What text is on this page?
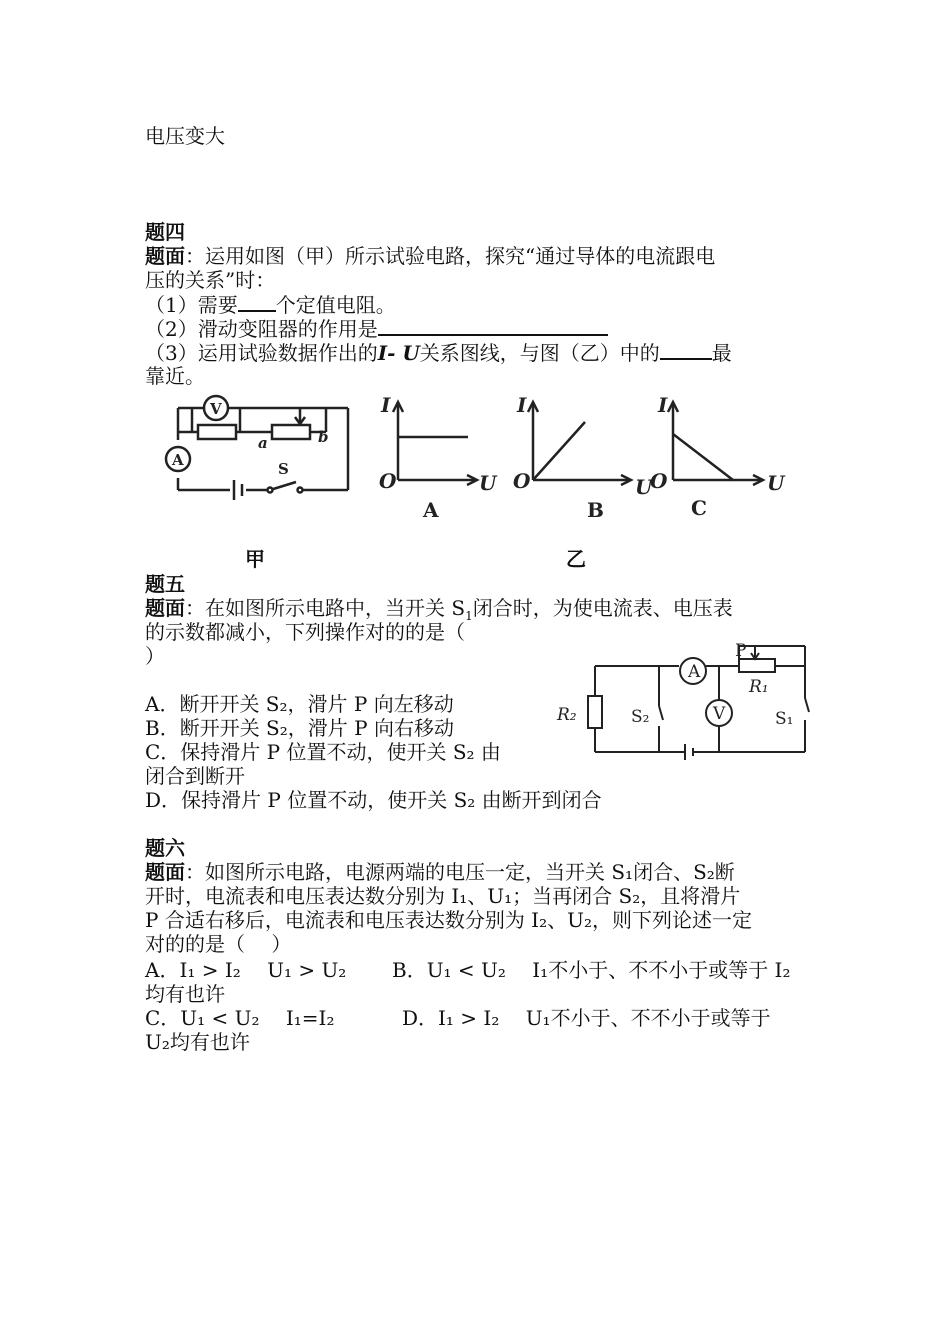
电压变大
题四
题面：运用如图（甲）所示试验电路，探究“通过导体的电流跟电
压的关系”时：
（1）需要 个定值电阻。
（2）滑动变阻器的作用是
（3）运用试验数据作出的I- U关系图线，与图（乙）中的	最
靠近。
V
A
a	b
S
I
O	U
A
I
O	U
B
I
O	U
C
甲	乙
题五
题面：在如图所示电路中，当开关 $S_1$闭合时，为使电流表、电压表
的示数都减小，下列操作对的的是（
）
A．断开开关 S₂，滑片 P 向左移动
B．断开开关 S₂，滑片 P 向右移动
C．保持滑片 P 位置不动，使开关 S₂ 由
闭合到断开
D．保持滑片 P 位置不动，使开关 S₂ 由断开到闭合
A
V
P
R₁
R₂	S₂	S₁
题六
题面：如图所示电路，电源两端的电压一定，当开关 S₁闭合、S₂断
开时，电流表和电压表达数分别为 I₁、U₁；当再闭合 S₂，且将滑片
P 合适右移后，电流表和电压表达数分别为 I₂、U₂，则下列论述一定
对的的是（　 ）
A．I₁ > I₂　 U₁ > U₂ B．U₁ < U₂　 I₁不小于、不不小于或等于 I₂
均有也许
C．U₁ < U₂　 I₁=I₂	D．I₁ > I₂　 U₁不小于、不不小于或等于
U₂均有也许
